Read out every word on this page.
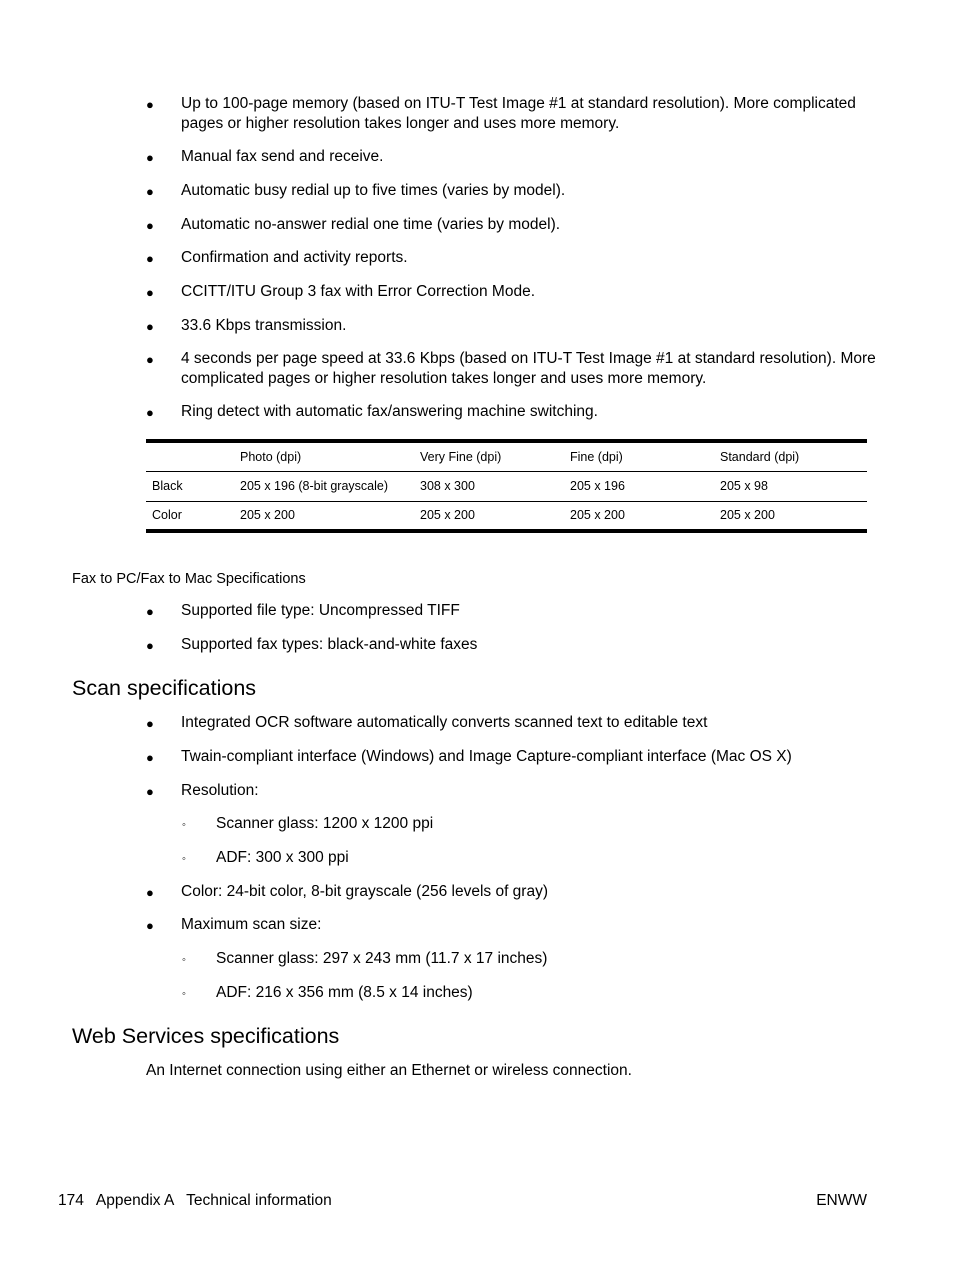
● Up to 100-page memory (based on ITU-T Test Image #1 at standard resolution). More complicated pages or higher resolution takes longer and uses more memory.
● Manual fax send and receive.
● Automatic busy redial up to five times (varies by model).
● Automatic no-answer redial one time (varies by model).
● Confirmation and activity reports.
● CCITT/ITU Group 3 fax with Error Correction Mode.
● 33.6 Kbps transmission.
● 4 seconds per page speed at 33.6 Kbps (based on ITU-T Test Image #1 at standard resolution). More complicated pages or higher resolution takes longer and uses more memory.
● Ring detect with automatic fax/answering machine switching.
	Photo (dpi)	Very Fine (dpi)	Fine (dpi)	Standard (dpi)
Black	205 x 196 (8-bit grayscale)	308 x 300	205 x 196	205 x 98
Color	205 x 200	205 x 200	205 x 200	205 x 200
Fax to PC/Fax to Mac Specifications
● Supported file type: Uncompressed TIFF
● Supported fax types: black-and-white faxes
Scan specifications
● Integrated OCR software automatically converts scanned text to editable text
● Twain-compliant interface (Windows) and Image Capture-compliant interface (Mac OS X)
● Resolution:
◦ Scanner glass: 1200 x 1200 ppi
◦ ADF: 300 x 300 ppi
● Color: 24-bit color, 8-bit grayscale (256 levels of gray)
● Maximum scan size:
◦ Scanner glass: 297 x 243 mm (11.7 x 17 inches)
◦ ADF: 216 x 356 mm (8.5 x 14 inches)
Web Services specifications
An Internet connection using either an Ethernet or wireless connection.
174   Appendix A   Technical information	ENWW
